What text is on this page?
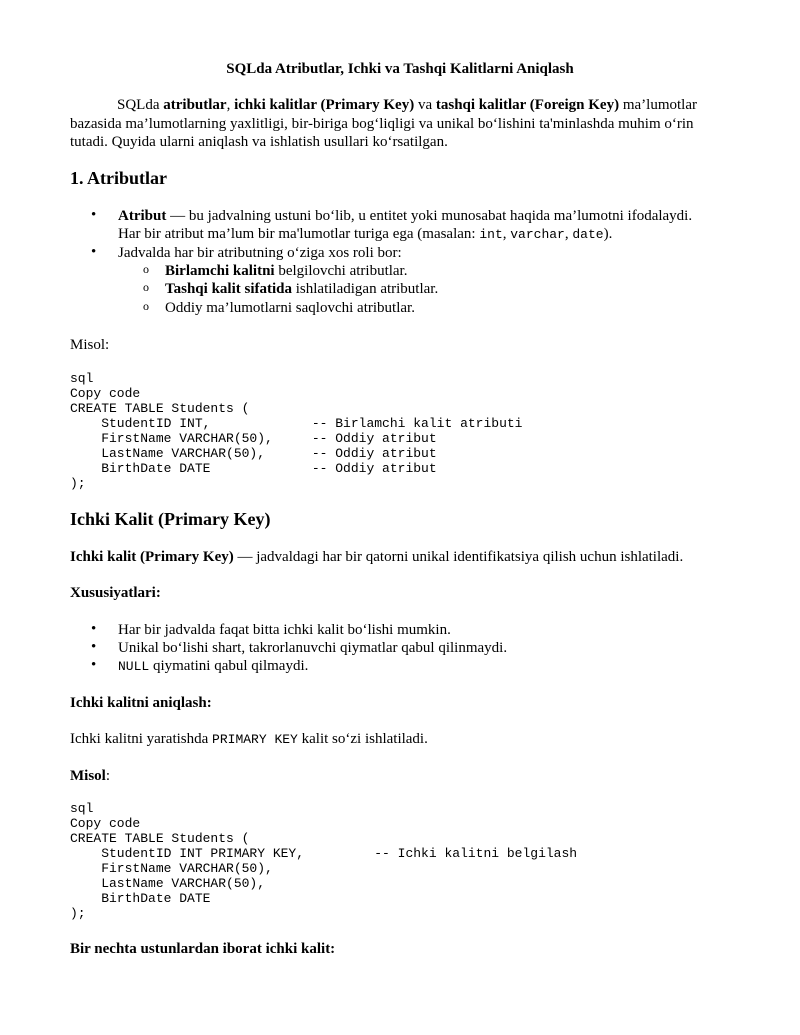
SQLda Atributlar, Ichki va Tashqi Kalitlarni Aniqlash
SQLda atributlar, ichki kalitlar (Primary Key) va tashqi kalitlar (Foreign Key) ma’lumotlar
bazasida ma’lumotlarning yaxlitligi, bir-biriga bog‘liqligi va unikal bo‘lishini ta'minlashda muhim o‘rin
tutadi. Quyida ularni aniqlash va ishlatish usullari ko‘rsatilgan.
1. Atributlar
• Atribut — bu jadvalning ustuni bo‘lib, u entitet yoki munosabat haqida ma’lumotni ifodalaydi.
Har bir atribut ma’lum bir ma'lumotlar turiga ega (masalan: int, varchar, date).
• Jadvalda har bir atributning o‘ziga xos roli bor:
o Birlamchi kalitni belgilovchi atributlar.
o Tashqi kalit sifatida ishlatiladigan atributlar.
o Oddiy ma’lumotlarni saqlovchi atributlar.
Misol:
sql
Copy code
CREATE TABLE Students (
StudentID INT,             -- Birlamchi kalit atributi
FirstName VARCHAR(50),     -- Oddiy atribut
LastName VARCHAR(50),      -- Oddiy atribut
BirthDate DATE             -- Oddiy atribut
);
Ichki Kalit (Primary Key)
Ichki kalit (Primary Key) — jadvaldagi har bir qatorni unikal identifikatsiya qilish uchun ishlatiladi.
Xususiyatlari:
• Har bir jadvalda faqat bitta ichki kalit bo‘lishi mumkin.
• Unikal bo‘lishi shart, takrorlanuvchi qiymatlar qabul qilinmaydi.
• NULL qiymatini qabul qilmaydi.
Ichki kalitni aniqlash:
Ichki kalitni yaratishda PRIMARY KEY kalit so‘zi ishlatiladi.
Misol:
sql
Copy code
CREATE TABLE Students (
StudentID INT PRIMARY KEY,         -- Ichki kalitni belgilash
FirstName VARCHAR(50),
LastName VARCHAR(50),
BirthDate DATE
);
Bir nechta ustunlardan iborat ichki kalit:
